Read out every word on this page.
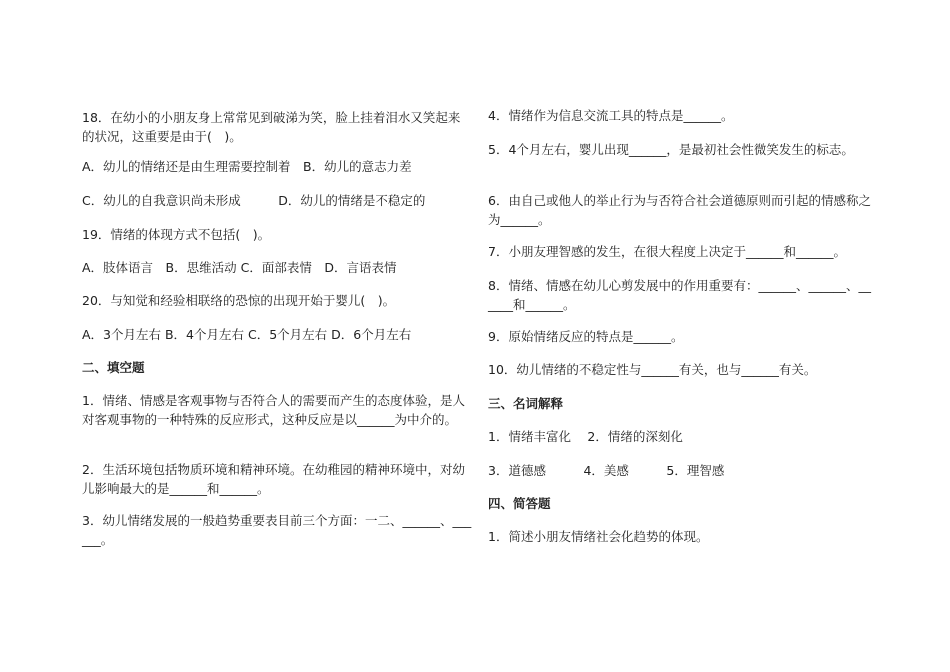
18．在幼小的小朋友身上常常见到破涕为笑，脸上挂着泪水又笑起来的状况，这重要是由于(　)。

A．幼儿的情绪还是由生理需要控制着　B．幼儿的意志力差

C．幼儿的自我意识尚未形成　　　D．幼儿的情绪是不稳定的

19．情绪的体现方式不包括(　)。

A．肢体语言　B．思维活动 C．面部表情　D．言语表情

20．与知觉和经验相联络的恐惊的出现开始于婴儿(　)。

A．3个月左右 B．4个月左右 C．5个月左右 D．6个月左右

二、填空题

1．情绪、情感是客观事物与否符合人的需要而产生的态度体验，是人对客观事物的一种特殊的反应形式，这种反应是以______为中介的。

2．生活环境包括物质环境和精神环境。在幼稚园的精神环境中，对幼儿影响最大的是______和______。

3．幼儿情绪发展的一般趋势重要表目前三个方面：一二、______、______。

4．情绪作为信息交流工具的特点是______。

5．4个月左右，婴儿出现______，是最初社会性微笑发生的标志。

6．由自己或他人的举止行为与否符合社会道德原则而引起的情感称之为______。

7．小朋友理智感的发生，在很大程度上决定于______和______。

8．情绪、情感在幼儿心剪发展中的作用重要有：______、______、______和______。

9．原始情绪反应的特点是______。

10．幼儿情绪的不稳定性与______有关，也与______有关。

三、名词解释

1．情绪丰富化　 2．情绪的深刻化

3．道德感　　　4．美感　　　5．理智感

四、简答题

1．简述小朋友情绪社会化趋势的体现。
